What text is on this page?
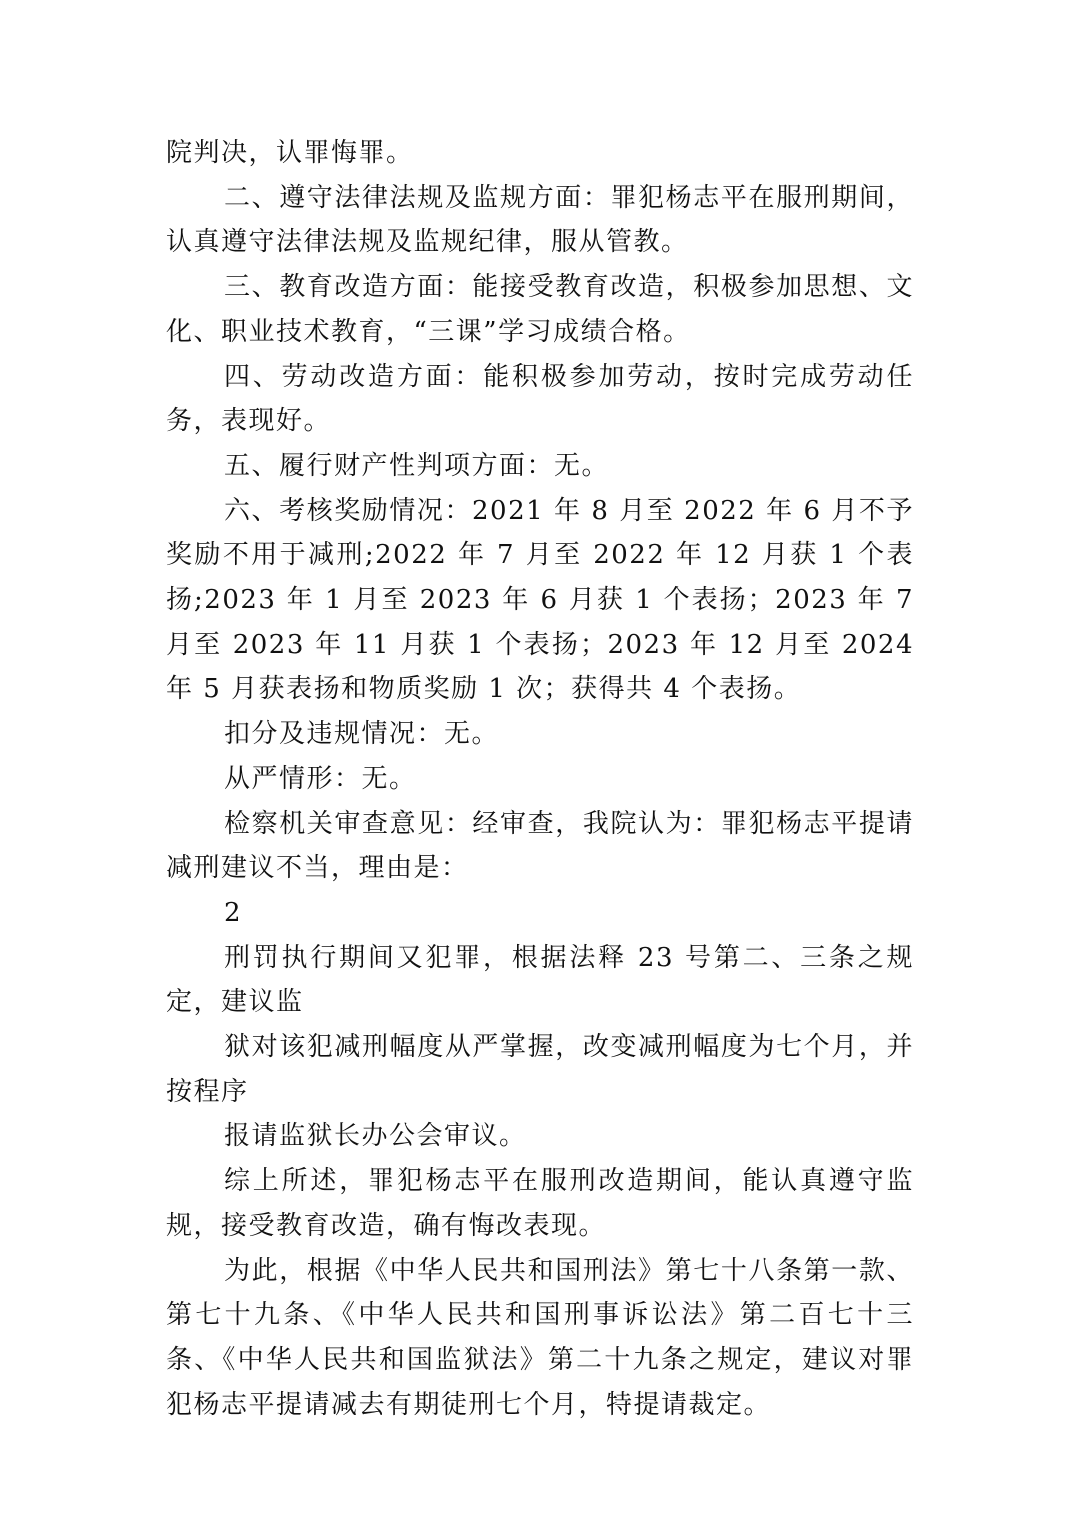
院判决，认罪悔罪。

二、遵守法律法规及监规方面：罪犯杨志平在服刑期间，认真遵守法律法规及监规纪律，服从管教。

三、教育改造方面：能接受教育改造，积极参加思想、文化、职业技术教育，“三课”学习成绩合格。

四、劳动改造方面：能积极参加劳动，按时完成劳动任务，表现好。

五、履行财产性判项方面：无。

六、考核奖励情况：2021 年 8 月至 2022 年 6 月不予奖励不用于减刑;2022 年 7 月至 2022 年 12 月获 1 个表扬;2023 年 1 月至 2023 年 6 月获 1 个表扬；2023 年 7 月至 2023 年 11 月获 1 个表扬；2023 年 12 月至 2024 年 5 月获表扬和物质奖励 1 次；获得共 4 个表扬。

扣分及违规情况：无。

从严情形：无。

检察机关审查意见：经审查，我院认为：罪犯杨志平提请减刑建议不当，理由是：

2

刑罚执行期间又犯罪，根据法释 23 号第二、三条之规定，建议监

狱对该犯减刑幅度从严掌握，改变减刑幅度为七个月，并按程序

报请监狱长办公会审议。

综上所述，罪犯杨志平在服刑改造期间，能认真遵守监规，接受教育改造，确有悔改表现。

为此，根据《中华人民共和国刑法》第七十八条第一款、第七十九条、《中华人民共和国刑事诉讼法》第二百七十三条、《中华人民共和国监狱法》第二十九条之规定，建议对罪犯杨志平提请减去有期徒刑七个月，特提请裁定。
